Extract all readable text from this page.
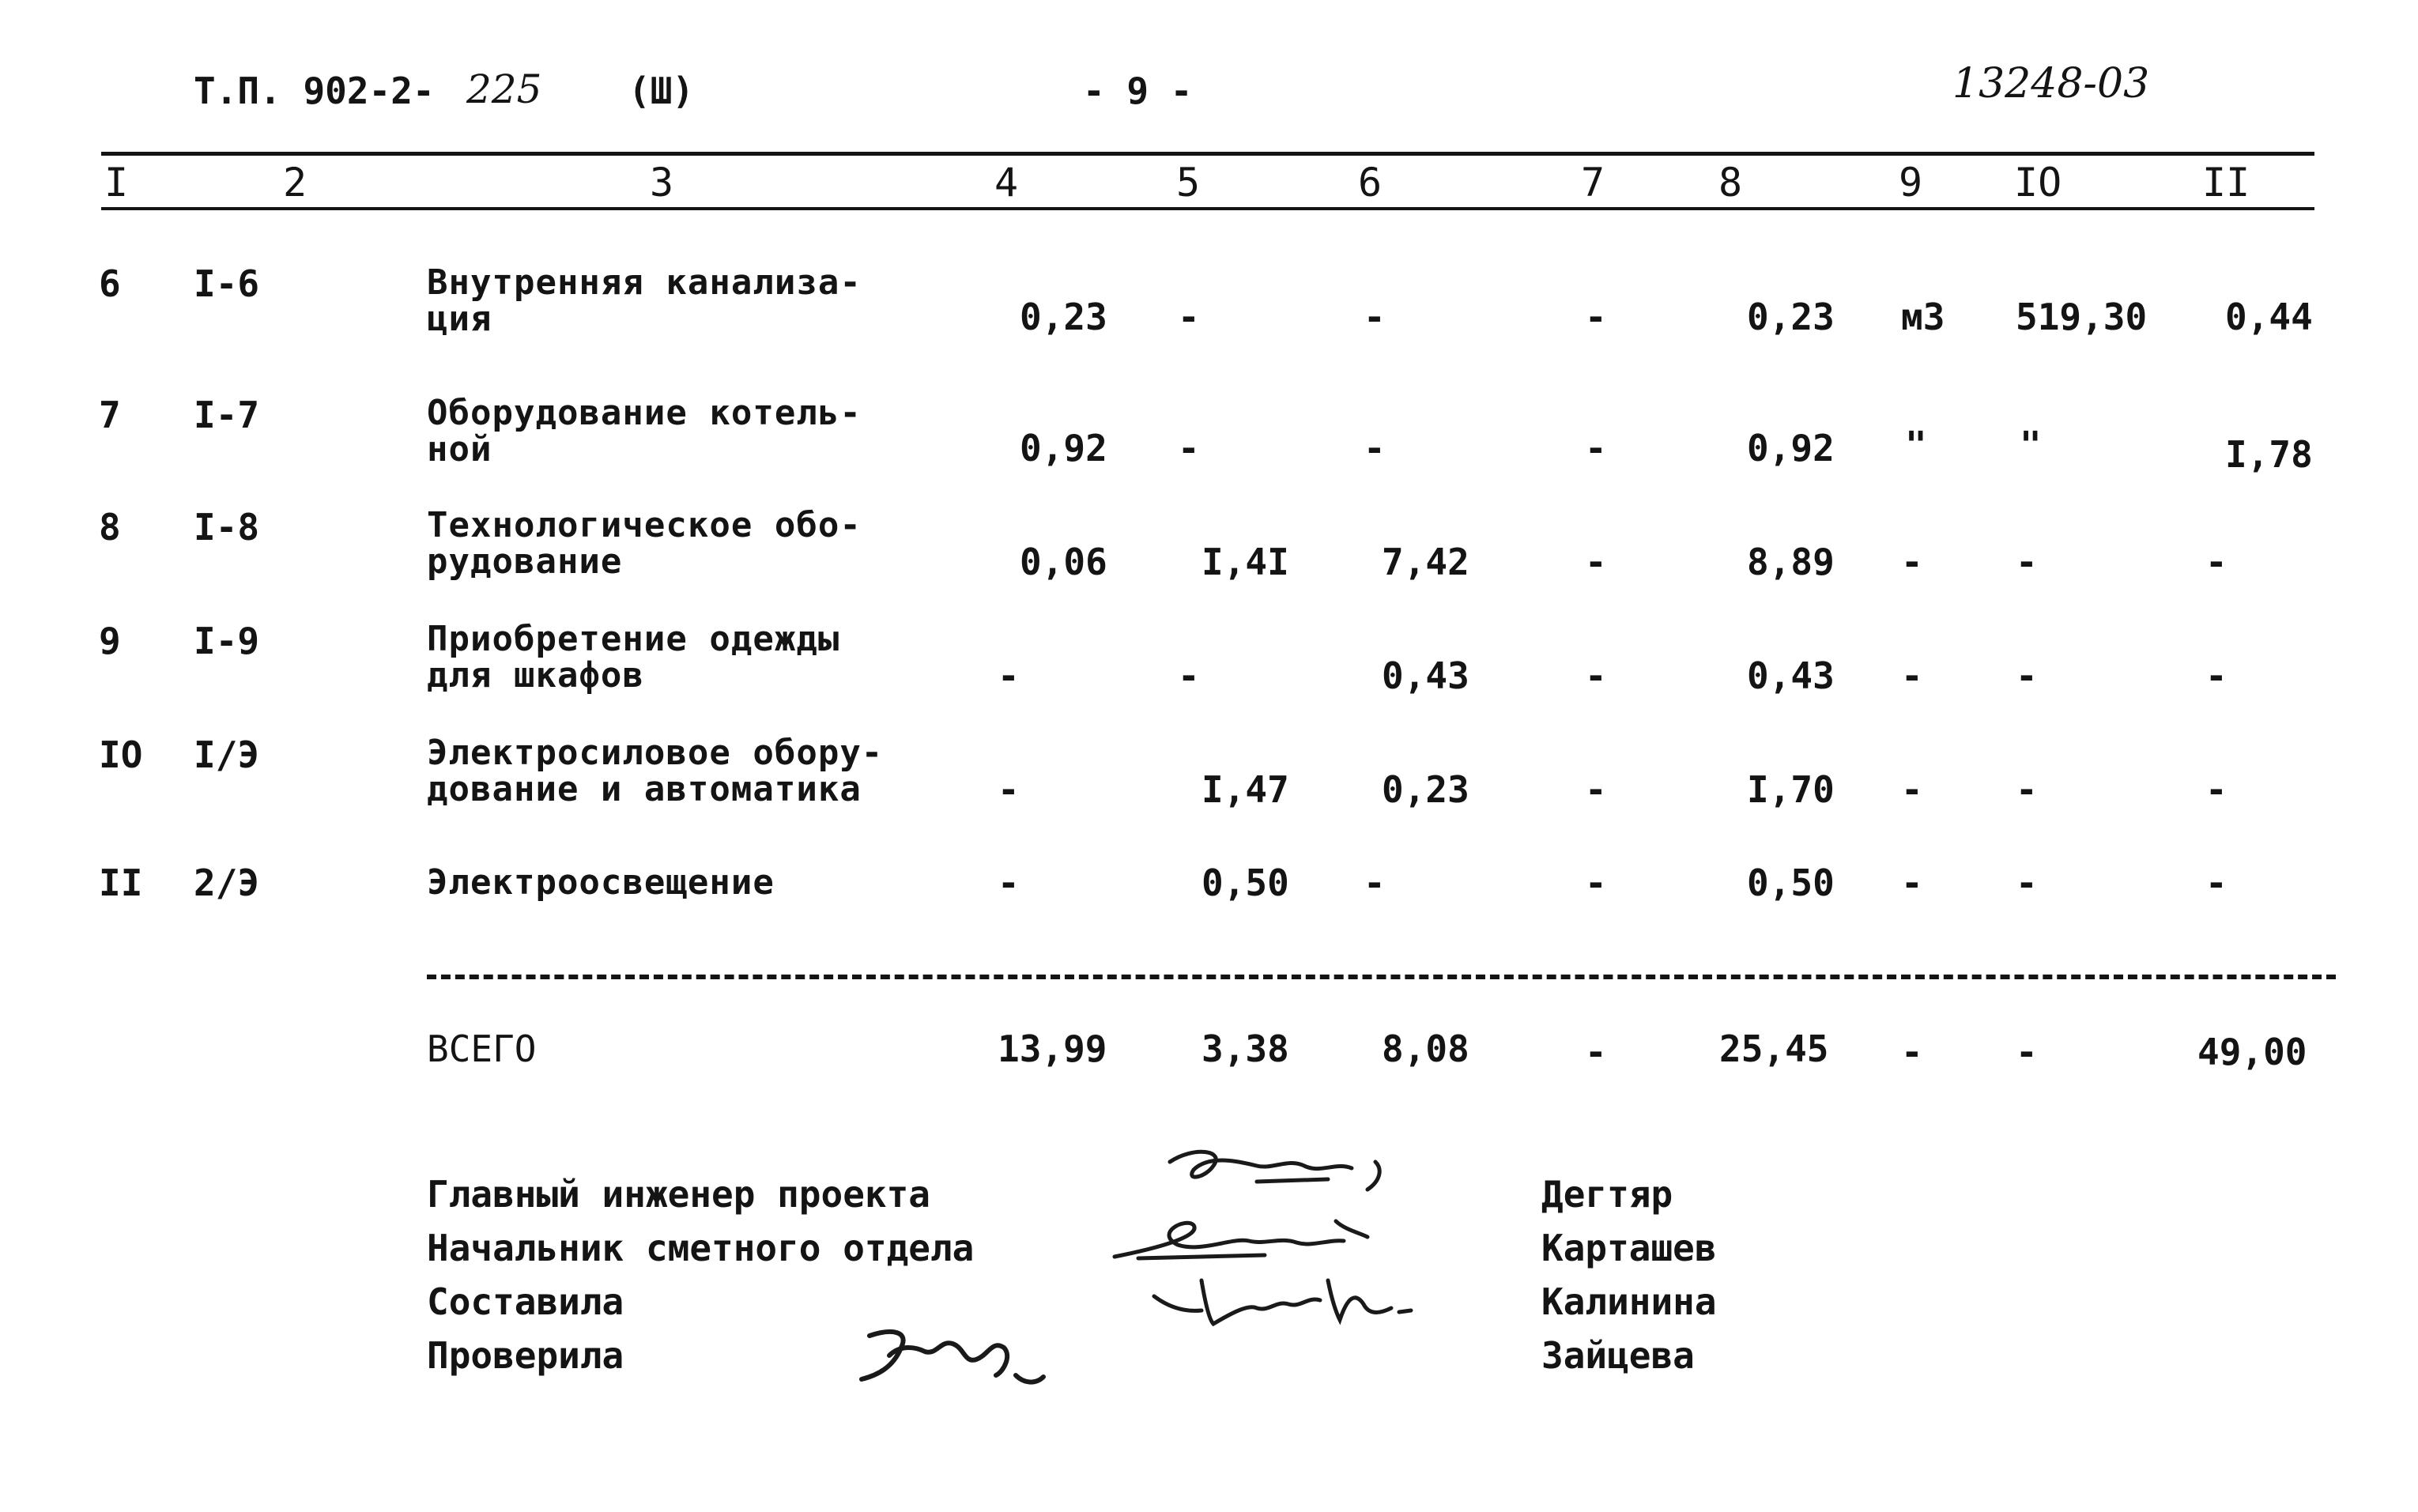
Т.П. 902-2- 225 (Ш)	- 9 -	13248-03
I	2	3	4	5	6	7	8	9 IO	II
6 I-6	Внутренняя канализа-
ция	0,23 -	-	-	0,23 м3 519,30 0,44
7 I-7	Оборудование котель-
ной	0,92 -	-	-	0,92 "	"	I,78
8 I-8	Технологическое обо-
рудование	0,06	I,4I	7,42	-	8,89 -	-	-
9 I-9	Приобретение одежды
для шкафов	-	-	0,43	-	0,43 -	-	-
IO I/Э	Электросиловое обору-
дование и автоматика	-	I,47	0,23	-	I,70 -	-	-
II 2/Э	Электроосвещение	-	0,50 -	-	0,50 -	-	-
ВСЕГО	13,99	3,38	8,08	-	25,45 -	-	49,00
Главный инженер проекта
Начальник сметного отдела
Составила
Проверила
Дегтяр
Карташев
Калинина
Зайцева
